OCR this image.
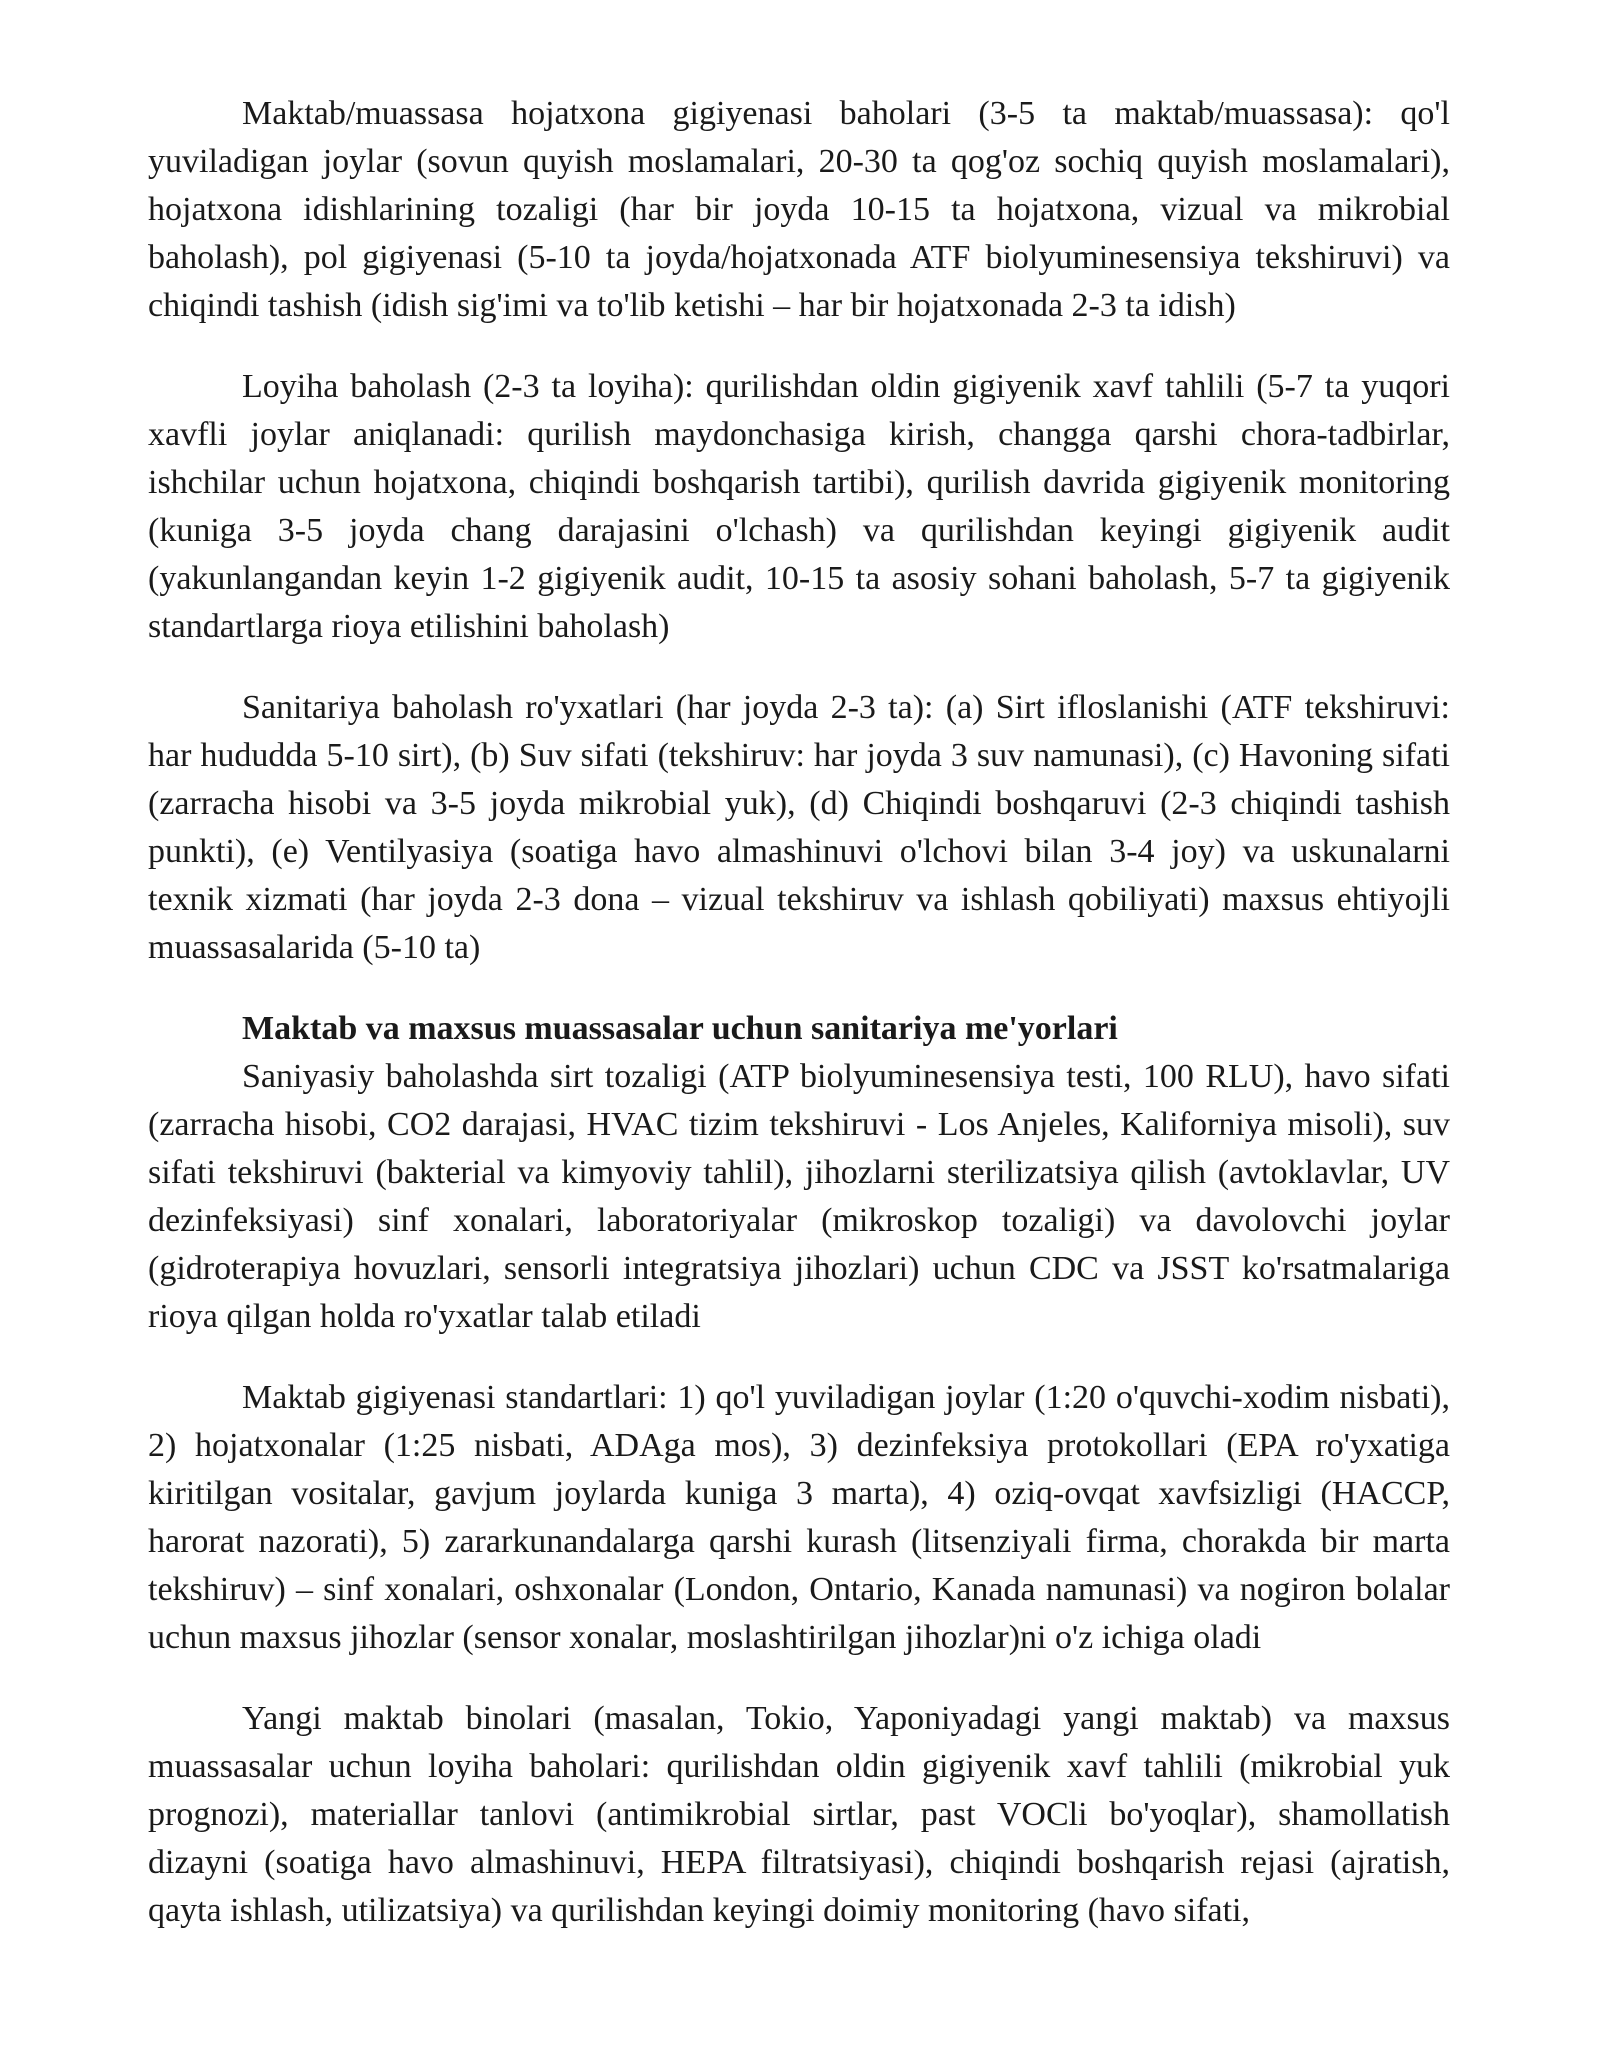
Maktab/muassasa hojatxona gigiyenasi baholari (3-5 ta maktab/muassasa): qo'l yuviladigan joylar (sovun quyish moslamalari, 20-30 ta qog'oz sochiq quyish moslamalari), hojatxona idishlarining tozaligi (har bir joyda 10-15 ta hojatxona, vizual va mikrobial baholash), pol gigiyenasi (5-10 ta joyda/hojatxonada ATF biolyuminesensiya tekshiruvi) va chiqindi tashish (idish sig'imi va to'lib ketishi – har bir hojatxonada 2-3 ta idish)

Loyiha baholash (2-3 ta loyiha): qurilishdan oldin gigiyenik xavf tahlili (5-7 ta yuqori xavfli joylar aniqlanadi: qurilish maydonchasiga kirish, changga qarshi chora-tadbirlar, ishchilar uchun hojatxona, chiqindi boshqarish tartibi), qurilish davrida gigiyenik monitoring (kuniga 3-5 joyda chang darajasini o'lchash) va qurilishdan keyingi gigiyenik audit (yakunlangandan keyin 1-2 gigiyenik audit, 10-15 ta asosiy sohani baholash, 5-7 ta gigiyenik standartlarga rioya etilishini baholash)

Sanitariya baholash ro'yxatlari (har joyda 2-3 ta): (a) Sirt ifloslanishi (ATF tekshiruvi: har hududda 5-10 sirt), (b) Suv sifati (tekshiruv: har joyda 3 suv namunasi), (c) Havoning sifati (zarracha hisobi va 3-5 joyda mikrobial yuk), (d) Chiqindi boshqaruvi (2-3 chiqindi tashish punkti), (e) Ventilyasiya (soatiga havo almashinuvi o'lchovi bilan 3-4 joy) va uskunalarni texnik xizmati (har joyda 2-3 dona – vizual tekshiruv va ishlash qobiliyati) maxsus ehtiyojli muassasalarida (5-10 ta)

Maktab va maxsus muassasalar uchun sanitariya me'yorlari

Saniyasiy baholashda sirt tozaligi (ATP biolyuminesensiya testi, 100 RLU), havo sifati (zarracha hisobi, CO2 darajasi, HVAC tizim tekshiruvi - Los Anjeles, Kaliforniya misoli), suv sifati tekshiruvi (bakterial va kimyoviy tahlil), jihozlarni sterilizatsiya qilish (avtoklavlar, UV dezinfeksiyasi) sinf xonalari, laboratoriyalar (mikroskop tozaligi) va davolovchi joylar (gidroterapiya hovuzlari, sensorli integratsiya jihozlari) uchun CDC va JSST ko'rsatmalariga rioya qilgan holda ro'yxatlar talab etiladi

Maktab gigiyenasi standartlari: 1) qo'l yuviladigan joylar (1:20 o'quvchi-xodim nisbati), 2) hojatxonalar (1:25 nisbati, ADAga mos), 3) dezinfeksiya protokollari (EPA ro'yxatiga kiritilgan vositalar, gavjum joylarda kuniga 3 marta), 4) oziq-ovqat xavfsizligi (HACCP, harorat nazorati), 5) zararkunandalarga qarshi kurash (litsenziyali firma, chorakda bir marta tekshiruv) – sinf xonalari, oshxonalar (London, Ontario, Kanada namunasi) va nogiron bolalar uchun maxsus jihozlar (sensor xonalar, moslashtirilgan jihozlar)ni o'z ichiga oladi

Yangi maktab binolari (masalan, Tokio, Yaponiyadagi yangi maktab) va maxsus muassasalar uchun loyiha baholari: qurilishdan oldin gigiyenik xavf tahlili (mikrobial yuk prognozi), materiallar tanlovi (antimikrobial sirtlar, past VOCli bo'yoqlar), shamollatish dizayni (soatiga havo almashinuvi, HEPA filtratsiyasi), chiqindi boshqarish rejasi (ajratish, qayta ishlash, utilizatsiya) va qurilishdan keyingi doimiy monitoring (havo sifati,
